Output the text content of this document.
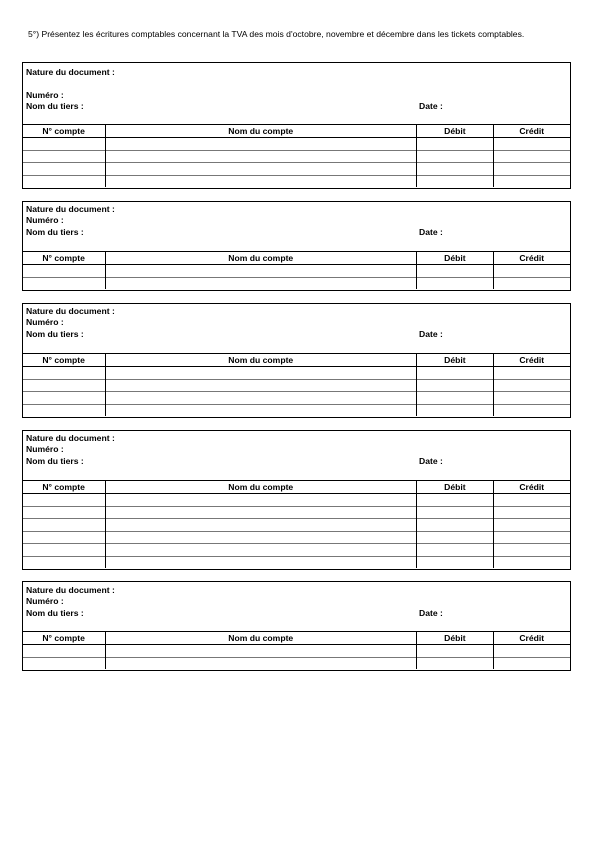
5°) Présentez les écritures comptables concernant la TVA des mois d'octobre, novembre et décembre dans les tickets comptables.
Nature du document :
Numéro :
Nom du tiers :	Date :
N° compte	Nom du compte	Débit	Crédit

Nature du document :
Numéro :
Nom du tiers :	Date :
N° compte	Nom du compte	Débit	Crédit

Nature du document :
Numéro :
Nom du tiers :	Date :
N° compte	Nom du compte	Débit	Crédit

Nature du document :
Numéro :
Nom du tiers :	Date :
N° compte	Nom du compte	Débit	Crédit

Nature du document :
Numéro :
Nom du tiers :	Date :
N° compte	Nom du compte	Débit	Crédit
